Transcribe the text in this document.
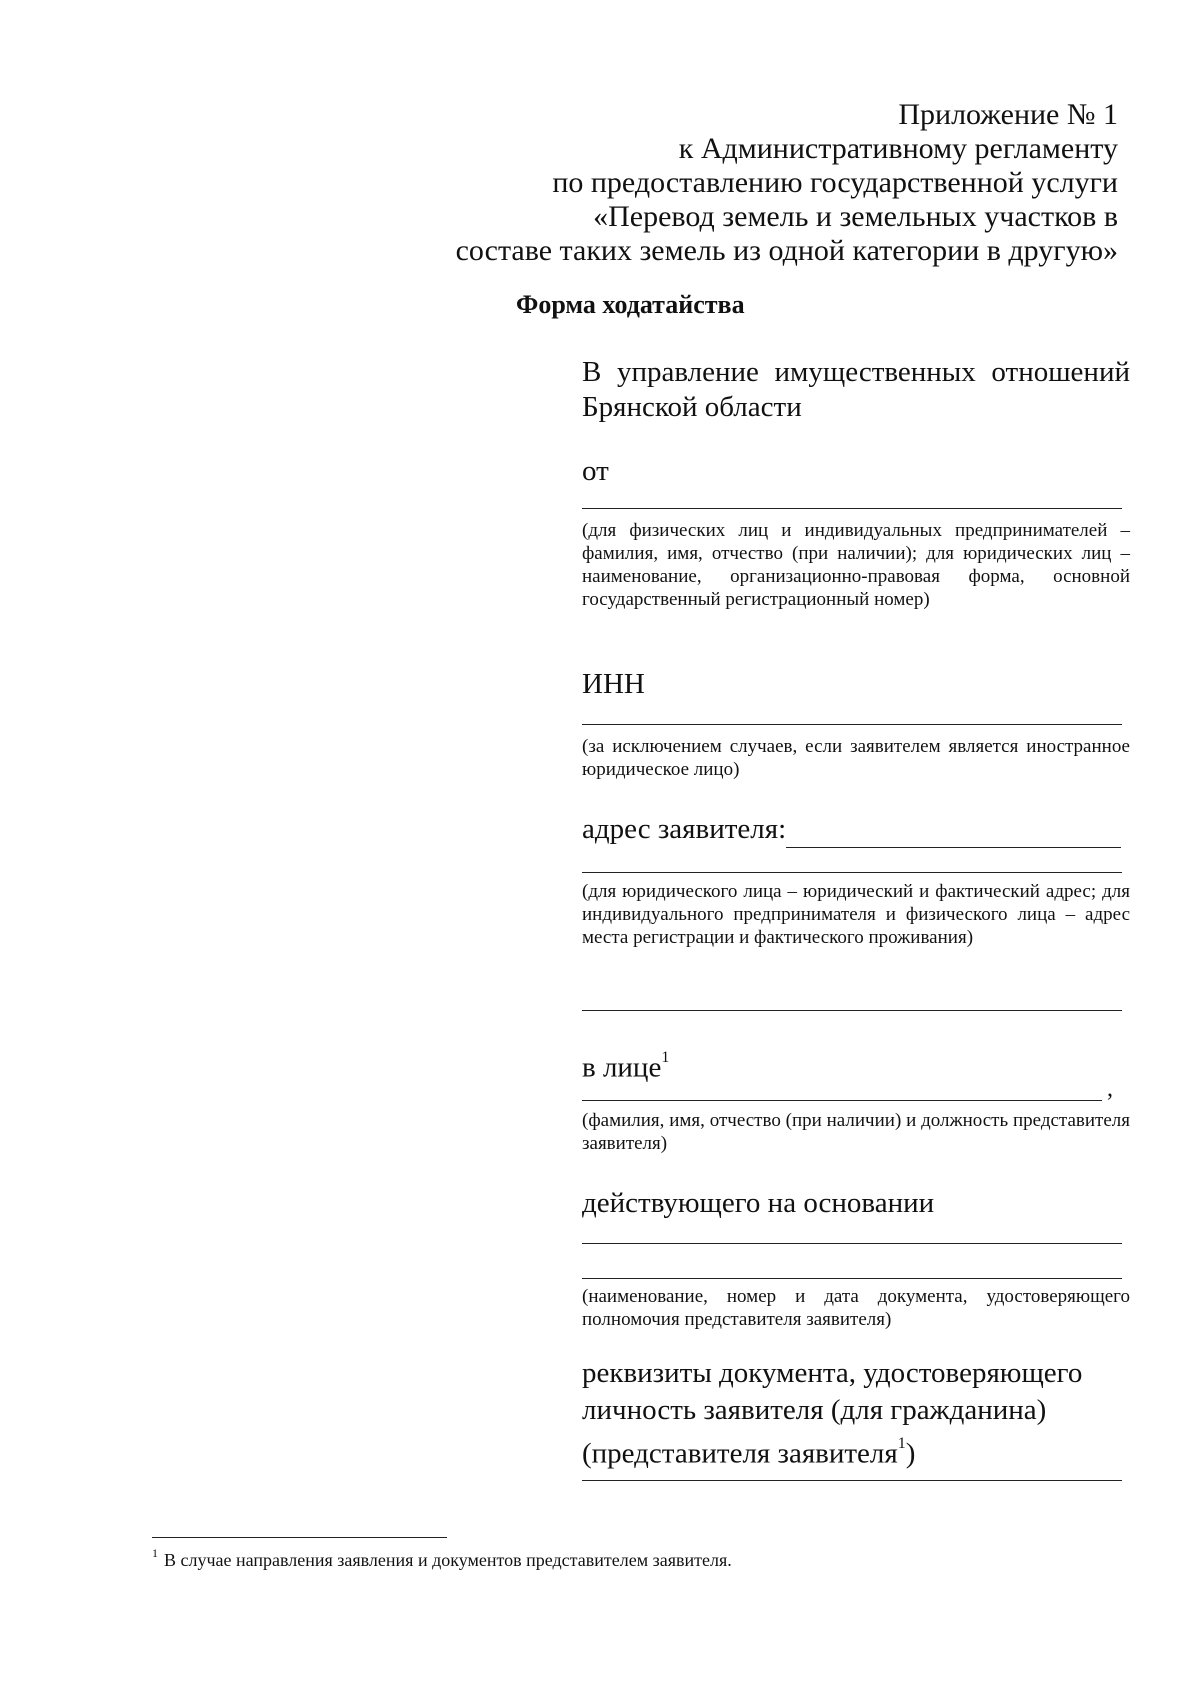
Приложение № 1
к Административному регламенту
по предоставлению государственной услуги
«Перевод земель и земельных участков в
составе таких земель из одной категории в другую»
Форма ходатайства
В управление имущественных отношений Брянской области
от
(для физических лиц и индивидуальных предпринимателей – фамилия, имя, отчество (при наличии); для юридических лиц – наименование, организационно-правовая форма, основной государственный регистрационный номер)
ИНН
(за исключением случаев, если заявителем является иностранное юридическое лицо)
адрес заявителя:
(для юридического лица – юридический и фактический адрес; для индивидуального предпринимателя и физического лица – адрес места регистрации и фактического проживания)
в лице$^1$
,
(фамилия, имя, отчество (при наличии) и должность представителя заявителя)
действующего на основании
(наименование, номер и дата документа, удостоверяющего полномочия представителя заявителя)
реквизиты документа, удостоверяющего
личность заявителя (для гражданина)
(представителя заявителя$^1$)
$^1$ В случае направления заявления и документов представителем заявителя.
